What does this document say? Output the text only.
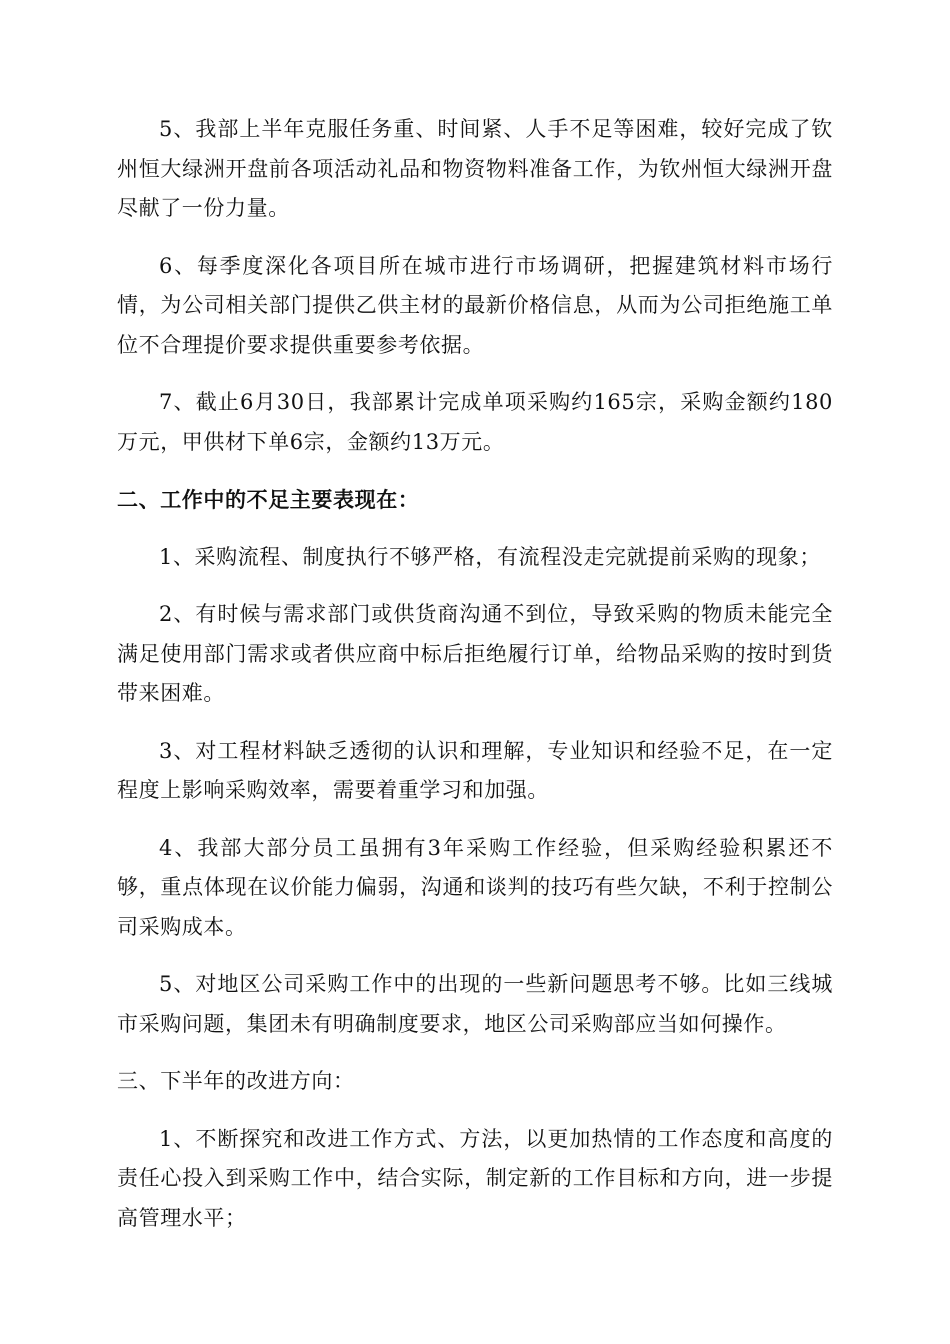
5、我部上半年克服任务重、时间紧、人手不足等困难，较好完成了钦州恒大绿洲开盘前各项活动礼品和物资物料准备工作，为钦州恒大绿洲开盘尽献了一份力量。

6、每季度深化各项目所在城市进行市场调研，把握建筑材料市场行情，为公司相关部门提供乙供主材的最新价格信息，从而为公司拒绝施工单位不合理提价要求提供重要参考依据。

7、截止6月30日，我部累计完成单项采购约165宗，采购金额约180万元，甲供材下单6宗，金额约13万元。

二、工作中的不足主要表现在：

1、采购流程、制度执行不够严格，有流程没走完就提前采购的现象；

2、有时候与需求部门或供货商沟通不到位，导致采购的物质未能完全满足使用部门需求或者供应商中标后拒绝履行订单，给物品采购的按时到货带来困难。

3、对工程材料缺乏透彻的认识和理解，专业知识和经验不足，在一定程度上影响采购效率，需要着重学习和加强。

4、我部大部分员工虽拥有3年采购工作经验，但采购经验积累还不够，重点体现在议价能力偏弱，沟通和谈判的技巧有些欠缺，不利于控制公司采购成本。

5、对地区公司采购工作中的出现的一些新问题思考不够。比如三线城市采购问题，集团未有明确制度要求，地区公司采购部应当如何操作。

三、下半年的改进方向：

1、不断探究和改进工作方式、方法，以更加热情的工作态度和高度的责任心投入到采购工作中，结合实际，制定新的工作目标和方向，进一步提高管理水平；
